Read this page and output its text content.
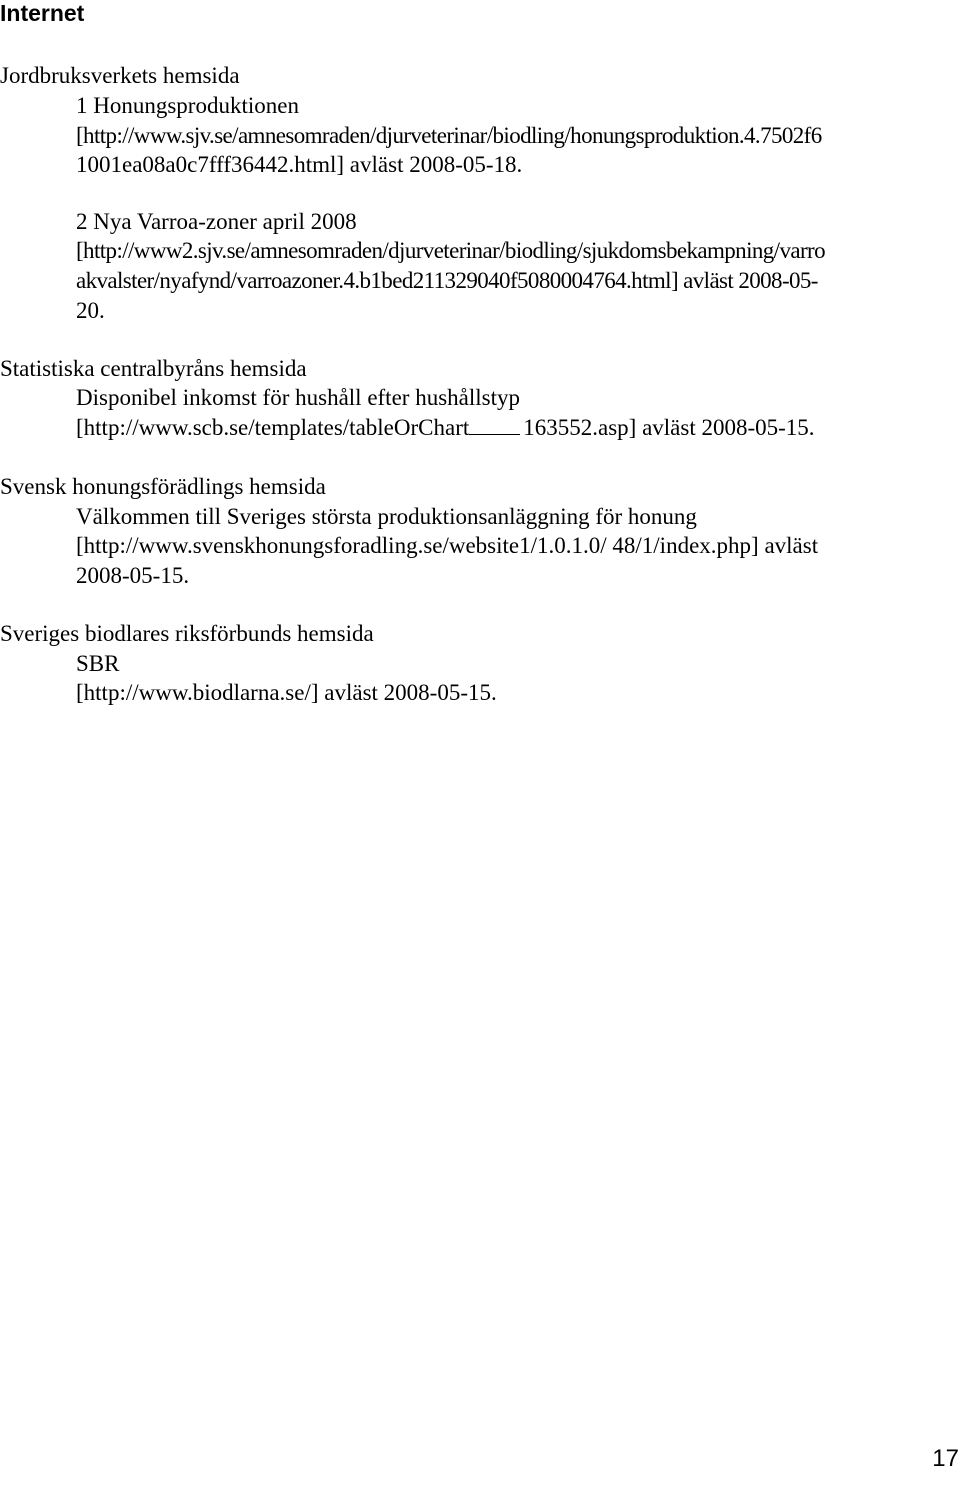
Internet
Jordbruksverkets hemsida
1 Honungsproduktionen
[http://www.sjv.se/amnesomraden/djurveterinar/biodling/honungsproduktion.4.7502f6
1001ea08a0c7fff36442.html] avläst 2008-05-18.
2 Nya Varroa-zoner april 2008
[http://www2.sjv.se/amnesomraden/djurveterinar/biodling/sjukdomsbekampning/varro
akvalster/nyafynd/varroazoner.4.b1bed211329040f5080004764.html] avläst 2008-05-
20.
Statistiska centralbyråns hemsida
Disponibel inkomst för hushåll efter hushållstyp
[http://www.scb.se/templates/tableOrChart 163552.asp] avläst 2008-05-15.
Svensk honungsförädlings hemsida
Välkommen till Sveriges största produktionsanläggning för honung
[http://www.svenskhonungsforadling.se/website1/1.0.1.0/ 48/1/index.php] avläst
2008-05-15.
Sveriges biodlares riksförbunds hemsida
SBR
[http://www.biodlarna.se/] avläst 2008-05-15.
17
